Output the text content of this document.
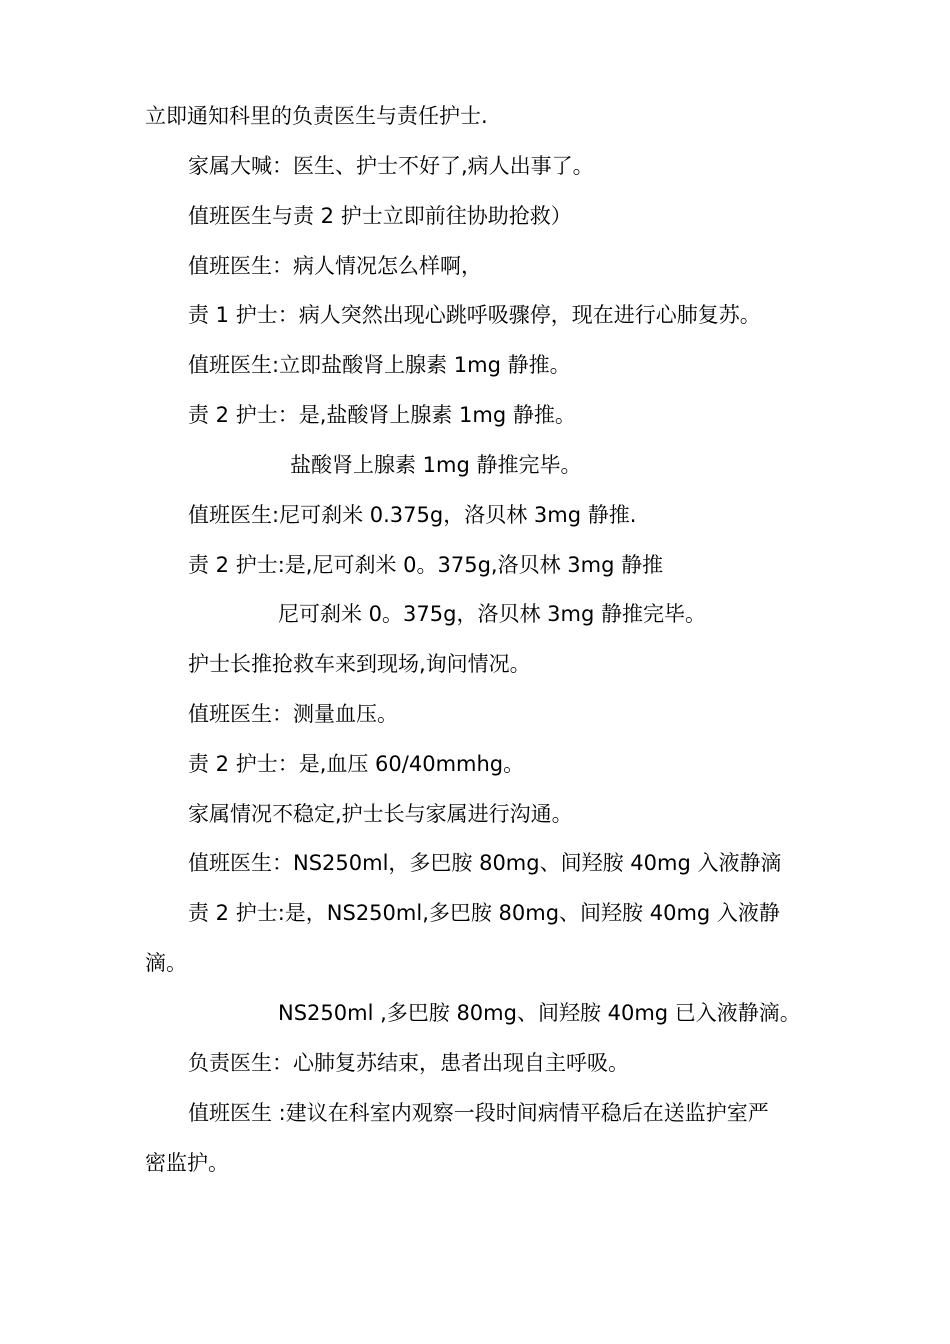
立即通知科里的负责医生与责任护士.
家属大喊：医生、护士不好了,病人出事了。
值班医生与责 2 护士立即前往协助抢救）
值班医生：病人情况怎么样啊，
责 1 护士：病人突然出现心跳呼吸骤停，现在进行心肺复苏。
值班医生:立即盐酸肾上腺素 1mg 静推。
责 2 护士：是,盐酸肾上腺素 1mg 静推。
盐酸肾上腺素 1mg 静推完毕。
值班医生:尼可刹米 0.375g，洛贝林 3mg 静推.
责 2 护士:是,尼可刹米 0。375g,洛贝林 3mg 静推
尼可刹米 0。375g，洛贝林 3mg 静推完毕。
护士长推抢救车来到现场,询问情况。
值班医生：测量血压。
责 2 护士：是,血压 60/40mmhg。
家属情况不稳定,护士长与家属进行沟通。
值班医生：NS250ml，多巴胺 80mg、间羟胺 40mg 入液静滴
责 2 护士:是，NS250ml,多巴胺 80mg、间羟胺 40mg 入液静
滴。
NS250ml ,多巴胺 80mg、间羟胺 40mg 已入液静滴。
负责医生：心肺复苏结束，患者出现自主呼吸。
值班医生 :建议在科室内观察一段时间病情平稳后在送监护室严
密监护。
